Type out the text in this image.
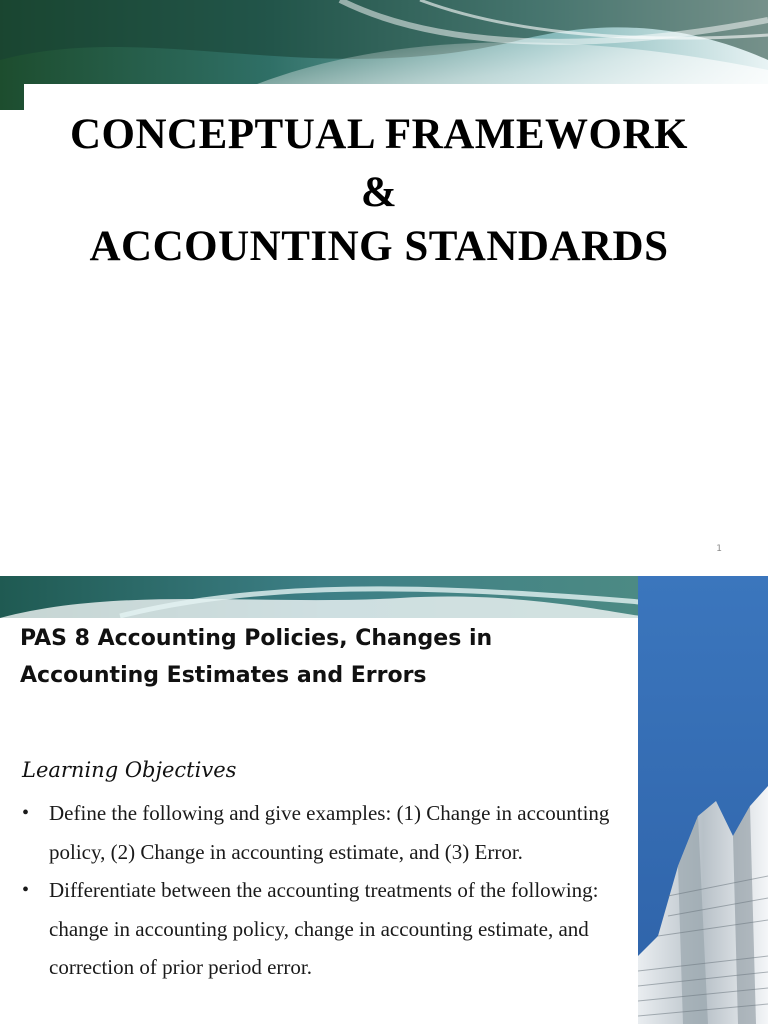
CONCEPTUAL FRAMEWORK
&
ACCOUNTING STANDARDS
1
PAS 8 Accounting Policies, Changes in Accounting Estimates and Errors
Learning Objectives
• Define the following and give examples: (1) Change in accounting policy, (2) Change in accounting estimate, and (3) Error.
• Differentiate between the accounting treatments of the following: change in accounting policy, change in accounting estimate, and correction of prior period error.
